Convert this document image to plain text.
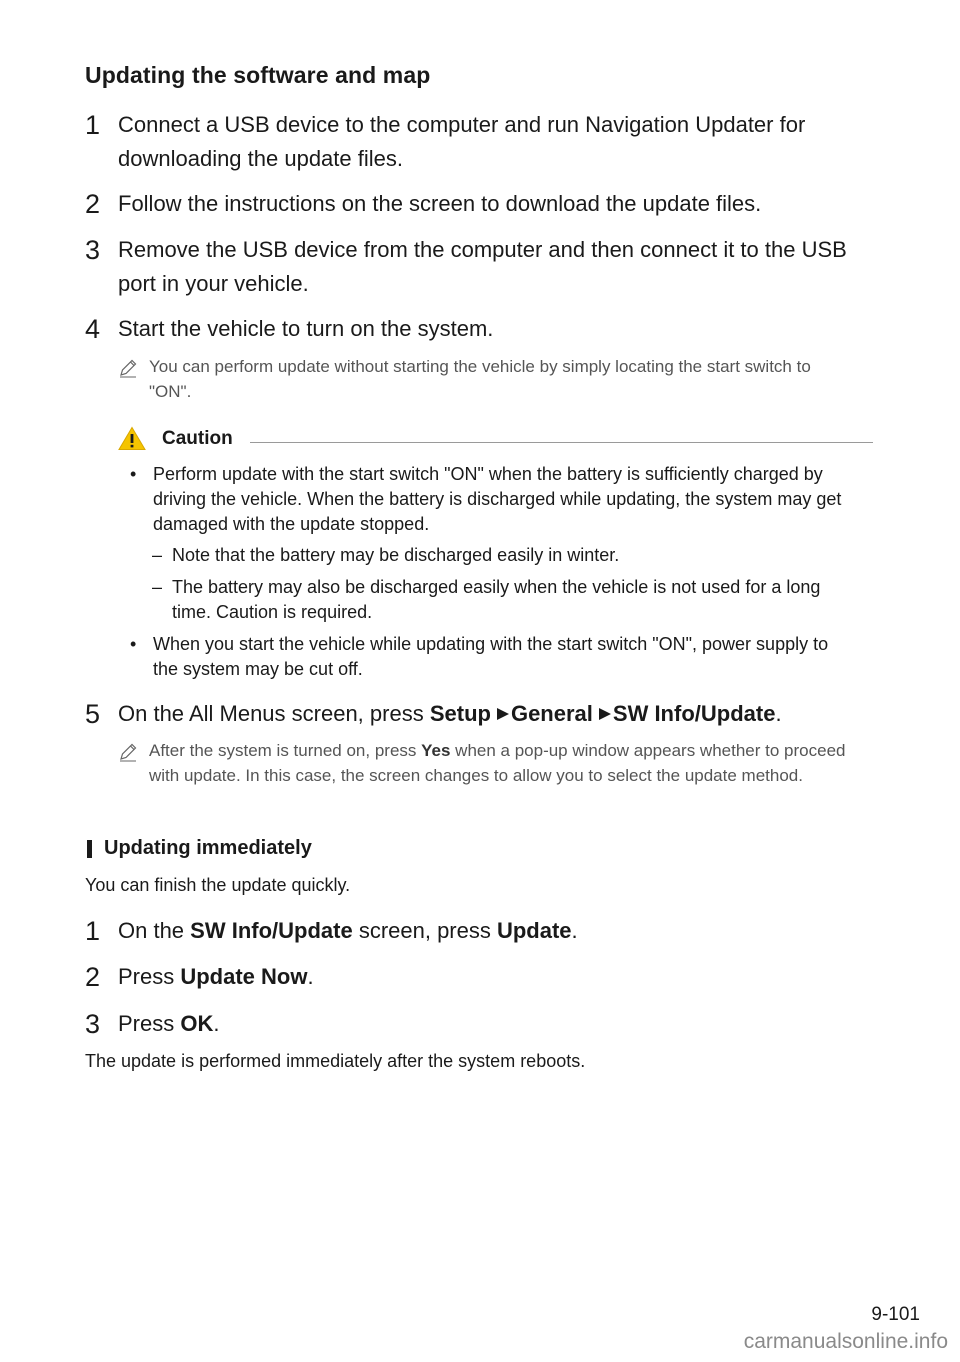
Updating the software and map
1 Connect a USB device to the computer and run Navigation Updater for downloading the update files.
2 Follow the instructions on the screen to download the update files.
3 Remove the USB device from the computer and then connect it to the USB port in your vehicle.
4 Start the vehicle to turn on the system.
You can perform update without starting the vehicle by simply locating the start switch to "ON".
Caution
• Perform update with the start switch "ON" when the battery is sufficiently charged by driving the vehicle. When the battery is discharged while updating, the system may get damaged with the update stopped.
– Note that the battery may be discharged easily in winter.
– The battery may also be discharged easily when the vehicle is not used for a long time. Caution is required.
• When you start the vehicle while updating with the start switch "ON", power supply to the system may be cut off.
5 On the All Menus screen, press Setup General SW Info/Update.
After the system is turned on, press Yes when a pop-up window appears whether to proceed with update. In this case, the screen changes to allow you to select the update method.
Updating immediately
You can finish the update quickly.
1 On the SW Info/Update screen, press Update.
2 Press Update Now.
3 Press OK.
The update is performed immediately after the system reboots.
9-101
carmanualsonline.info
